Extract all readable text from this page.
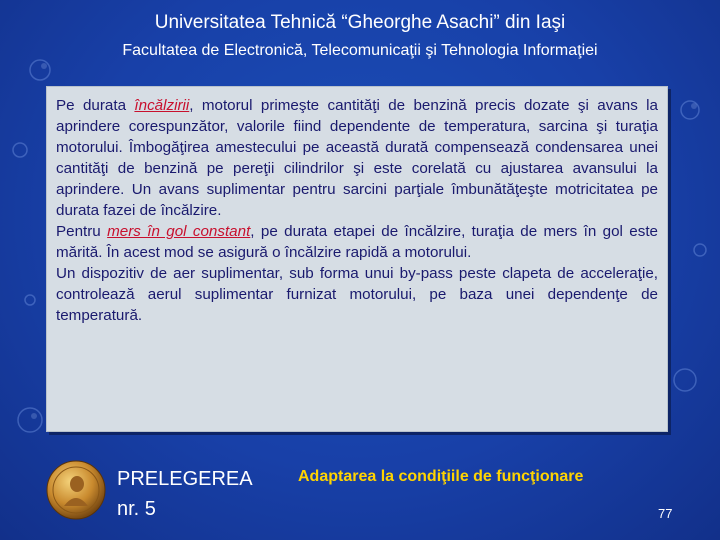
Universitatea Tehnică “Gheorghe Asachi” din Iaşi

Facultatea de Electronică, Telecomunicaţii şi Tehnologia Informaţiei

Pe durata încălzirii, motorul primeşte cantităţi de benzină precis dozate şi avans la aprindere corespunzător, valorile fiind dependente de temperatura, sarcina şi turaţia motorului. Îmbogăţirea amestecului pe această durată compensează condensarea unei cantităţi de benzină pe pereţii cilindrilor şi este corelată cu ajustarea avansului la aprindere. Un avans suplimentar pentru sarcini parţiale îmbunătăţeşte motricitatea pe durata fazei de încălzire.

Pentru mers în gol constant, pe durata etapei de încălzire, turaţia de mers în gol este mărită. În acest mod se asigură o încălzire rapidă a motorului.

Un dispozitiv de aer suplimentar, sub forma unui by-pass peste clapeta de acceleraţie, controlează aerul suplimentar furnizat motorului, pe baza unei dependenţe de temperatură.

PRELEGEREA
nr. 5

Adaptarea la condiţiile de funcţionare

77
